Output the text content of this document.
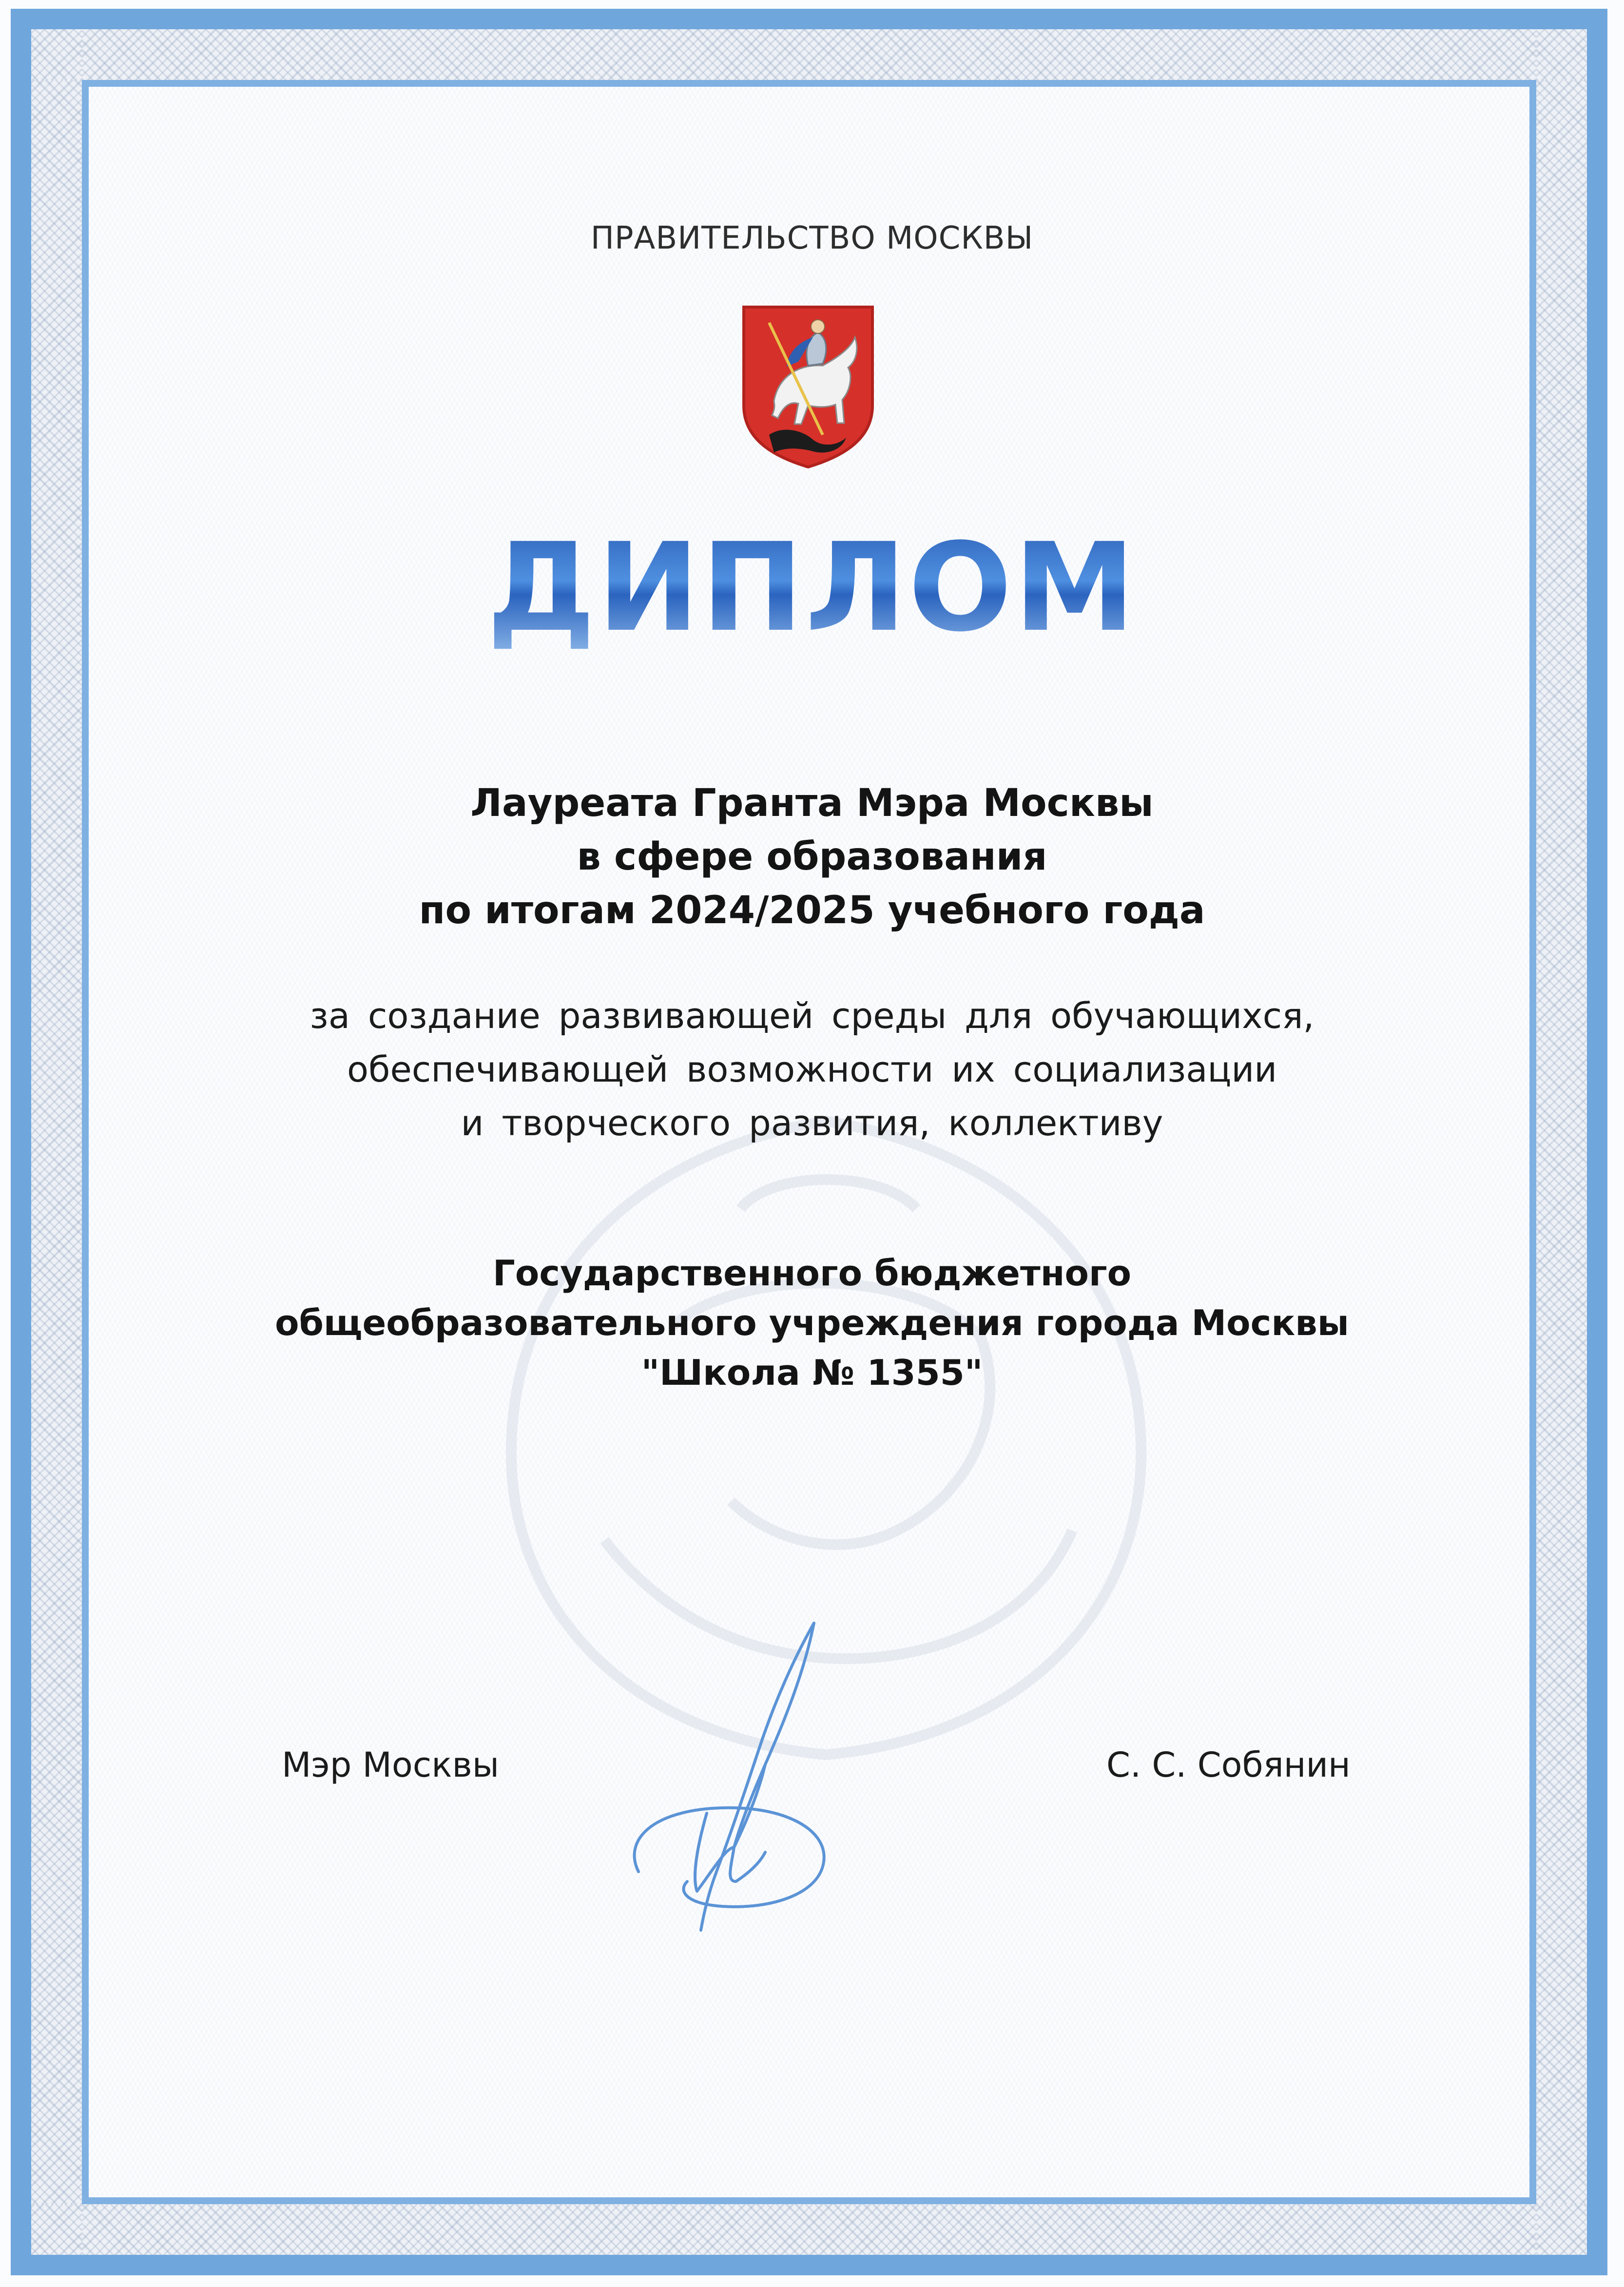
ПРАВИТЕЛЬСТВО МОСКВЫ
ДИПЛОМ
Лауреата Гранта Мэра Москвы
в сфере образования
по итогам 2024/2025 учебного года
за создание развивающей среды для обучающихся,
обеспечивающей возможности их социализации
и творческого развития, коллективу
Государственного бюджетного
общеобразовательного учреждения города Москвы
"Школа № 1355"
Мэр Москвы	С. С. Собянин
